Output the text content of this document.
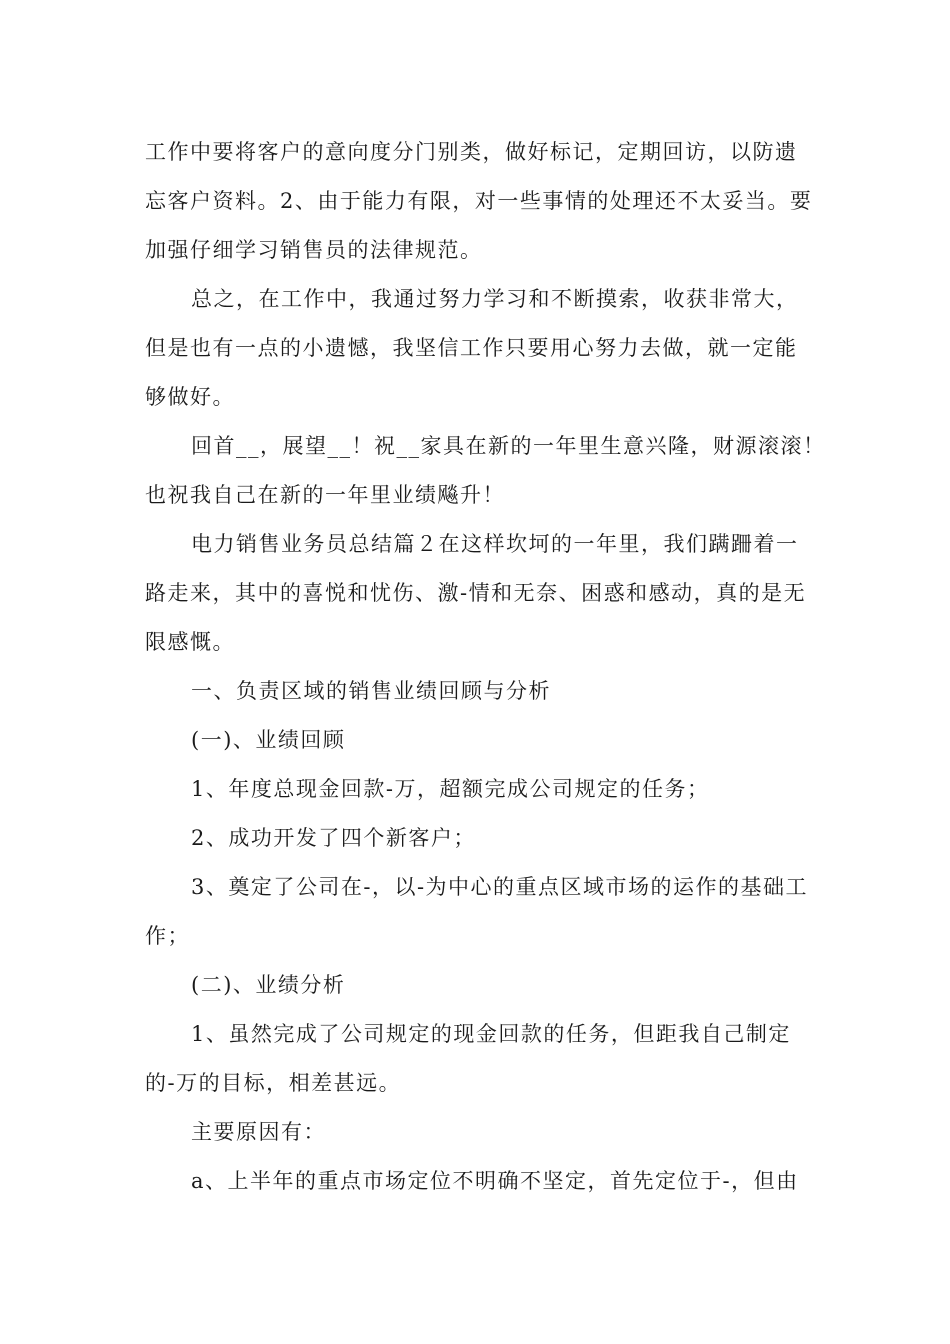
工作中要将客户的意向度分门别类，做好标记，定期回访，以防遗

忘客户资料。2、由于能力有限，对一些事情的处理还不太妥当。要

加强仔细学习销售员的法律规范。

总之，在工作中，我通过努力学习和不断摸索，收获非常大，

但是也有一点的小遗憾，我坚信工作只要用心努力去做，就一定能

够做好。

回首__，展望__！祝__家具在新的一年里生意兴隆，财源滚滚！

也祝我自己在新的一年里业绩飚升！

电力销售业务员总结篇２在这样坎坷的一年里，我们蹒跚着一

路走来，其中的喜悦和忧伤、激-情和无奈、困惑和感动，真的是无

限感慨。

一、负责区域的销售业绩回顾与分析

(一)、业绩回顾

1、年度总现金回款-万，超额完成公司规定的任务；

2、成功开发了四个新客户；

3、奠定了公司在-，以-为中心的重点区域市场的运作的基础工

作；

(二)、业绩分析

1、虽然完成了公司规定的现金回款的任务，但距我自己制定

的-万的目标，相差甚远。

主要原因有：

a、上半年的重点市场定位不明确不坚定，首先定位于-，但由
